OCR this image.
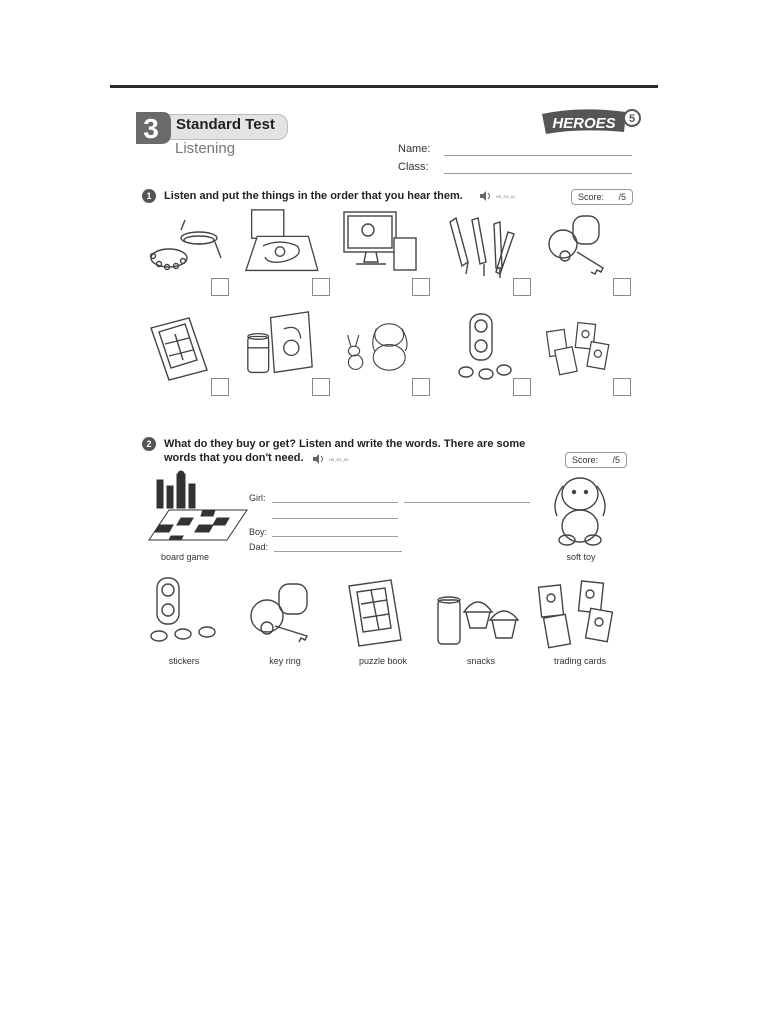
3 Standard Test
Listening
HEROES 5
Name:
Class:
1	Listen and put the things in the order that you hear them.	H5_S3_A1	Score: /5
2	What do they buy or get? Listen and write the words. There are some
words that you don't need.	H5_S3_A2	Score: /5
board game
Girl:
Boy:
Dad:
soft toy
stickers	key ring	puzzle book	snacks	trading cards
